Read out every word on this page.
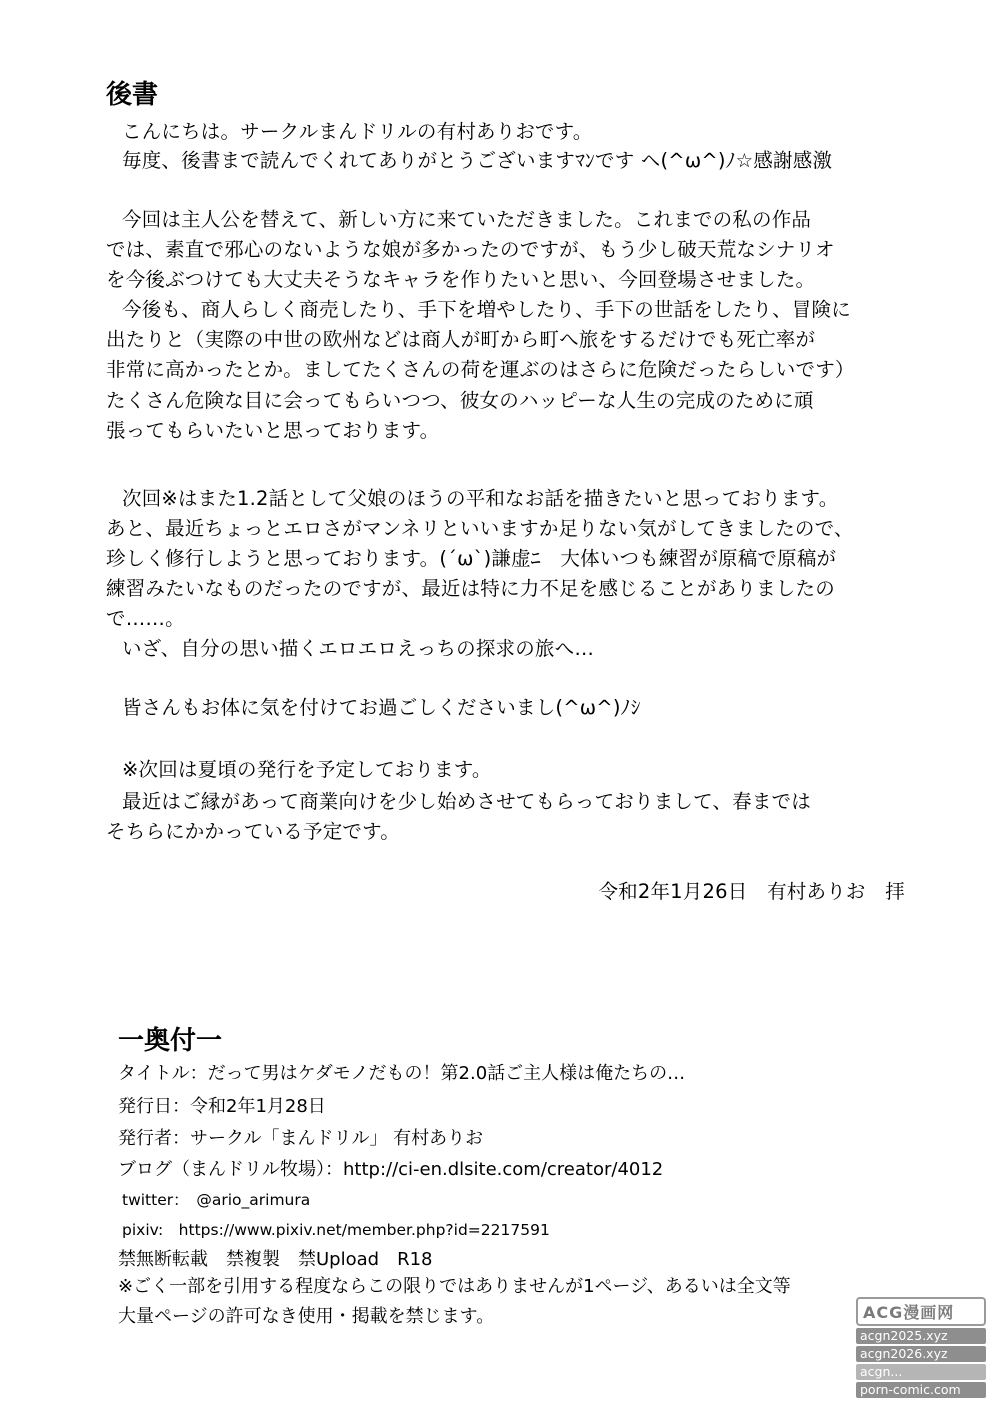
後書
こんにちは。サークルまんドリルの有村ありおです。
毎度、後書まで読んでくれてありがとうございますﾏﾝです ヘ(^ω^)ﾉ☆感謝感激
今回は主人公を替えて、新しい方に来ていただきました。これまでの私の作品
では、素直で邪心のないような娘が多かったのですが、もう少し破天荒なシナリオ
を今後ぶつけても大丈夫そうなキャラを作りたいと思い、今回登場させました。
今後も、商人らしく商売したり、手下を増やしたり、手下の世話をしたり、冒険に
出たりと（実際の中世の欧州などは商人が町から町へ旅をするだけでも死亡率が
非常に高かったとか。ましてたくさんの荷を運ぶのはさらに危険だったらしいです）
たくさん危険な目に会ってもらいつつ、彼女のハッピーな人生の完成のために頑
張ってもらいたいと思っております。
次回※はまた1.2話として父娘のほうの平和なお話を描きたいと思っております。
あと、最近ちょっとエロさがマンネリといいますか足りない気がしてきましたので、
珍しく修行しようと思っております。(´ω`)謙虚ﾆ　大体いつも練習が原稿で原稿が
練習みたいなものだったのですが、最近は特に力不足を感じることがありましたの
で……。
いざ、自分の思い描くエロエロえっちの探求の旅へ…
皆さんもお体に気を付けてお過ごしくださいまし(^ω^)ﾉｼ
※次回は夏頃の発行を予定しております。
最近はご縁があって商業向けを少し始めさせてもらっておりまして、春までは
そちらにかかっている予定です。
令和2年1月26日　有村ありお　拝
一奥付一
タイトル：だって男はケダモノだもの！第2.0話ご主人様は俺たちの…
発行日：令和2年1月28日
発行者：サークル「まんドリル」 有村ありお
ブログ（まんドリル牧場）：http://ci-en.dlsite.com/creator/4012
twitter：　@ario_arimura
pixiv:　https://www.pixiv.net/member.php?id=2217591
禁無断転載　禁複製　禁Upload　R18
※ごく一部を引用する程度ならこの限りではありませんが1ページ、あるいは全文等
大量ページの許可なき使用・掲載を禁じます。	ACG漫画网
acgn2025.xyz
acgn2026.xyz
acgn...
porn-comic.com
